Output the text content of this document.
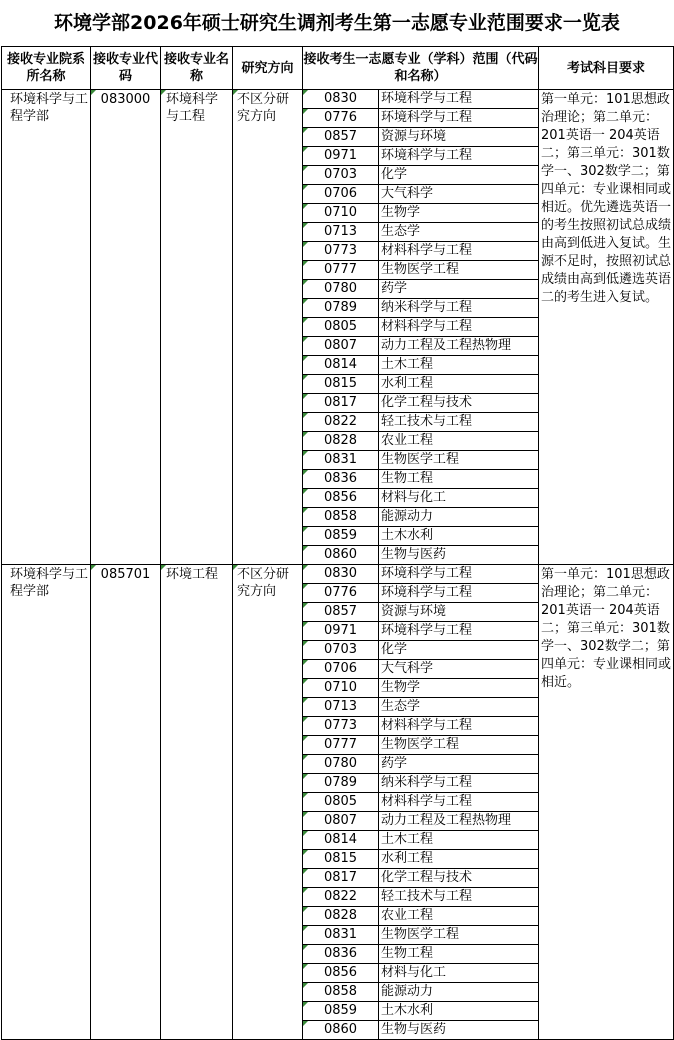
环境学部2026年硕士研究生调剂考生第一志愿专业范围要求一览表
接收专业院系所名称	接收专业代码	接收专业名称	研究方向	接收考生一志愿专业（学科）范围（代码和名称）		考试科目要求
环境科学与工程学部	083000	环境科学与工程	不区分研究方向	0830	环境科学与工程	第一单元：101思想政治理论；第二单元：201英语一 204英语二；第三单元：301数学一、302数学二；第四单元：专业课相同或相近。优先遴选英语一的考生按照初试总成绩由高到低进入复试。生源不足时，按照初试总成绩由高到低遴选英语二的考生进入复试。

0776	环境科学与工程	

0857	资源与环境	

0971	环境科学与工程	

0703	化学	

0706	大气科学	

0710	生物学	

0713	生态学	

0773	材料科学与工程	

0777	生物医学工程	

0780	药学	

0789	纳米科学与工程	

0805	材料科学与工程	

0807	动力工程及工程热物理	

0814	土木工程	

0815	水利工程	

0817	化学工程与技术	

0822	轻工技术与工程	

0828	农业工程	

0831	生物医学工程	

0836	生物工程	

0856	材料与化工	

0858	能源动力	

0859	土木水利	

0860	生物与医药	
环境科学与工程学部	085701	环境工程	不区分研究方向	0830	环境科学与工程	第一单元：101思想政治理论；第二单元：201英语一 204英语二；第三单元：301数学一、302数学二；第四单元：专业课相同或相近。

0776	环境科学与工程	

0857	资源与环境	

0971	环境科学与工程	

0703	化学	

0706	大气科学	

0710	生物学	

0713	生态学	

0773	材料科学与工程	

0777	生物医学工程	

0780	药学	

0789	纳米科学与工程	

0805	材料科学与工程	

0807	动力工程及工程热物理	

0814	土木工程	

0815	水利工程	

0817	化学工程与技术	

0822	轻工技术与工程	

0828	农业工程	

0831	生物医学工程	

0836	生物工程	

0856	材料与化工	

0858	能源动力	

0859	土木水利	

0860	生物与医药	
